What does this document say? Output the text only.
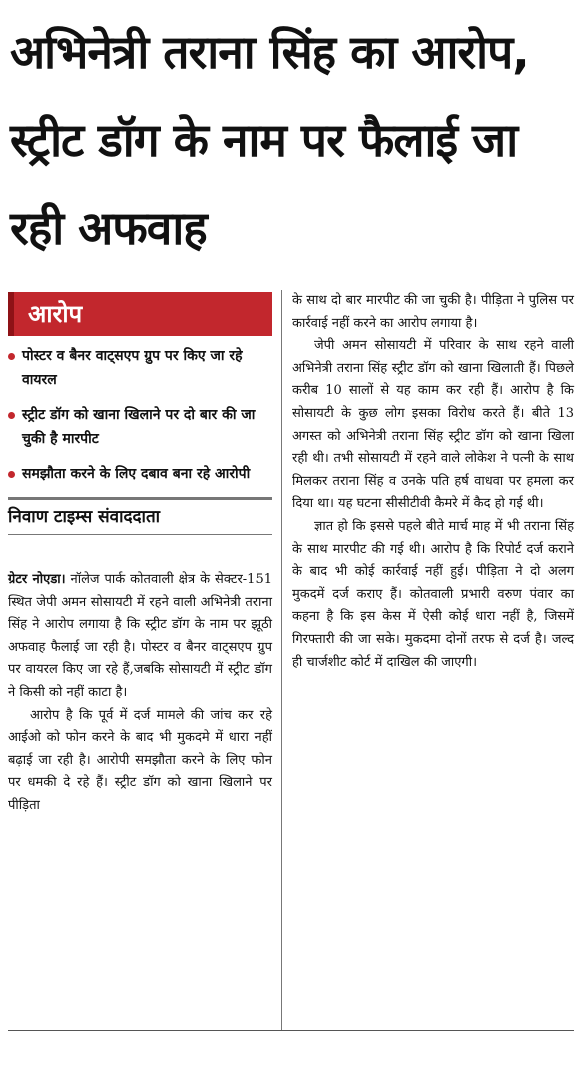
अभिनेत्री तराना सिंह का आरोप, स्ट्रीट डॉग के नाम पर फैलाई जा रही अफवाह
आरोप
पोस्टर व बैनर वाट्सएप ग्रुप पर किए जा रहे वायरल
स्ट्रीट डॉग को खाना खिलाने पर दो बार की जा चुकी है मारपीट
समझौता करने के लिए दबाव बना रहे आरोपी

निवाण टाइम्स संवाददाता

ग्रेटर नोएडा। नॉलेज पार्क कोतवाली क्षेत्र के सेक्टर-151 स्थित जेपी अमन सोसायटी में रहने वाली अभिनेत्री तराना सिंह ने आरोप लगाया है कि स्ट्रीट डॉग के नाम पर झूठी अफवाह फैलाई जा रही है। पोस्टर व बैनर वाट्सएप ग्रुप पर वायरल किए जा रहे हैं,जबकि सोसायटी में स्ट्रीट डॉग ने किसी को नहीं काटा है।

आरोप है कि पूर्व में दर्ज मामले की जांच कर रहे आईओ को फोन करने के बाद भी मुकदमे में धारा नहीं बढ़ाई जा रही है। आरोपी समझौता करने के लिए फोन पर धमकी दे रहे हैं। स्ट्रीट डॉग को खाना खिलाने पर पीड़िता

के साथ दो बार मारपीट की जा चुकी है। पीड़िता ने पुलिस पर कार्रवाई नहीं करने का आरोप लगाया है।

जेपी अमन सोसायटी में परिवार के साथ रहने वाली अभिनेत्री तराना सिंह स्ट्रीट डॉग को खाना खिलाती हैं। पिछले करीब 10 सालों से यह काम कर रही हैं। आरोप है कि सोसायटी के कुछ लोग इसका विरोध करते हैं। बीते 13 अगस्त को अभिनेत्री तराना सिंह स्ट्रीट डॉग को खाना खिला रही थी। तभी सोसायटी में रहने वाले लोकेश ने पत्नी के साथ मिलकर तराना सिंह व उनके पति हर्ष वाधवा पर हमला कर दिया था। यह घटना सीसीटीवी कैमरे में कैद हो गई थी।

ज्ञात हो कि इससे पहले बीते मार्च माह में भी तराना सिंह के साथ मारपीट की गई थी। आरोप है कि रिपोर्ट दर्ज कराने के बाद भी कोई कार्रवाई नहीं हुई। पीड़िता ने दो अलग मुकदमें दर्ज कराए हैं। कोतवाली प्रभारी वरुण पंवार का कहना है कि इस केस में ऐसी कोई धारा नहीं है, जिसमें गिरफ्तारी की जा सके। मुकदमा दोनों तरफ से दर्ज है। जल्द ही चार्जशीट कोर्ट में दाखिल की जाएगी।
